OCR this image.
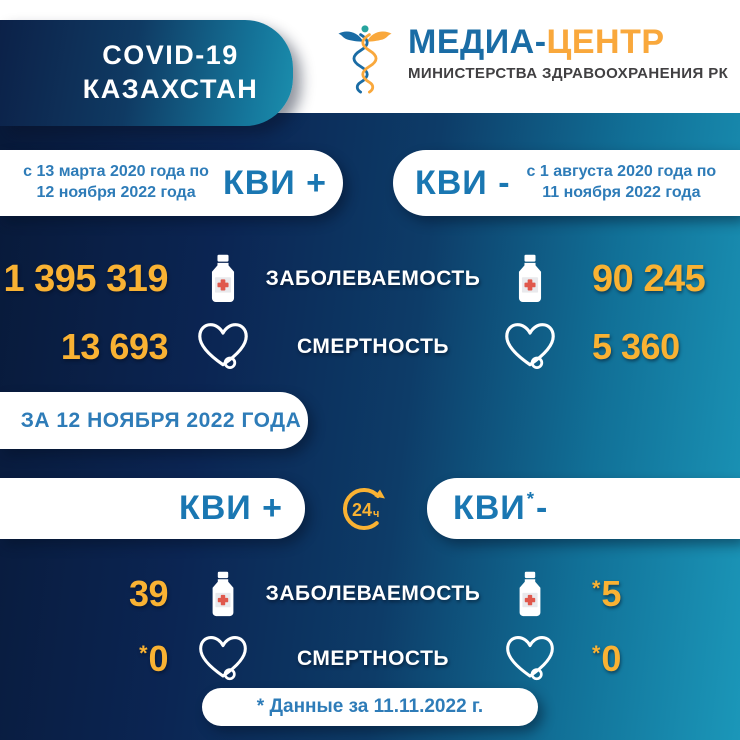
МЕДИА-ЦЕНТР
МИНИСТЕРСТВА ЗДРАВООХРАНЕНИЯ РК
COVID-19
КАЗАХСТАН
с 13 марта 2020 года по
12 ноября 2022 года КВИ +	КВИ - с 1 августа 2020 года по
11 ноября 2022 года
1 395 319	ЗАБОЛЕВАЕМОСТЬ	90 245
13 693	СМЕРТНОСТЬ	5 360
ЗА 12 НОЯБРЯ 2022 ГОДА
КВИ +	24 ч КВИ*-
39	ЗАБОЛЕВАЕМОСТЬ	*5
*0	СМЕРТНОСТЬ	*0
* Данные за 11.11.2022 г.
